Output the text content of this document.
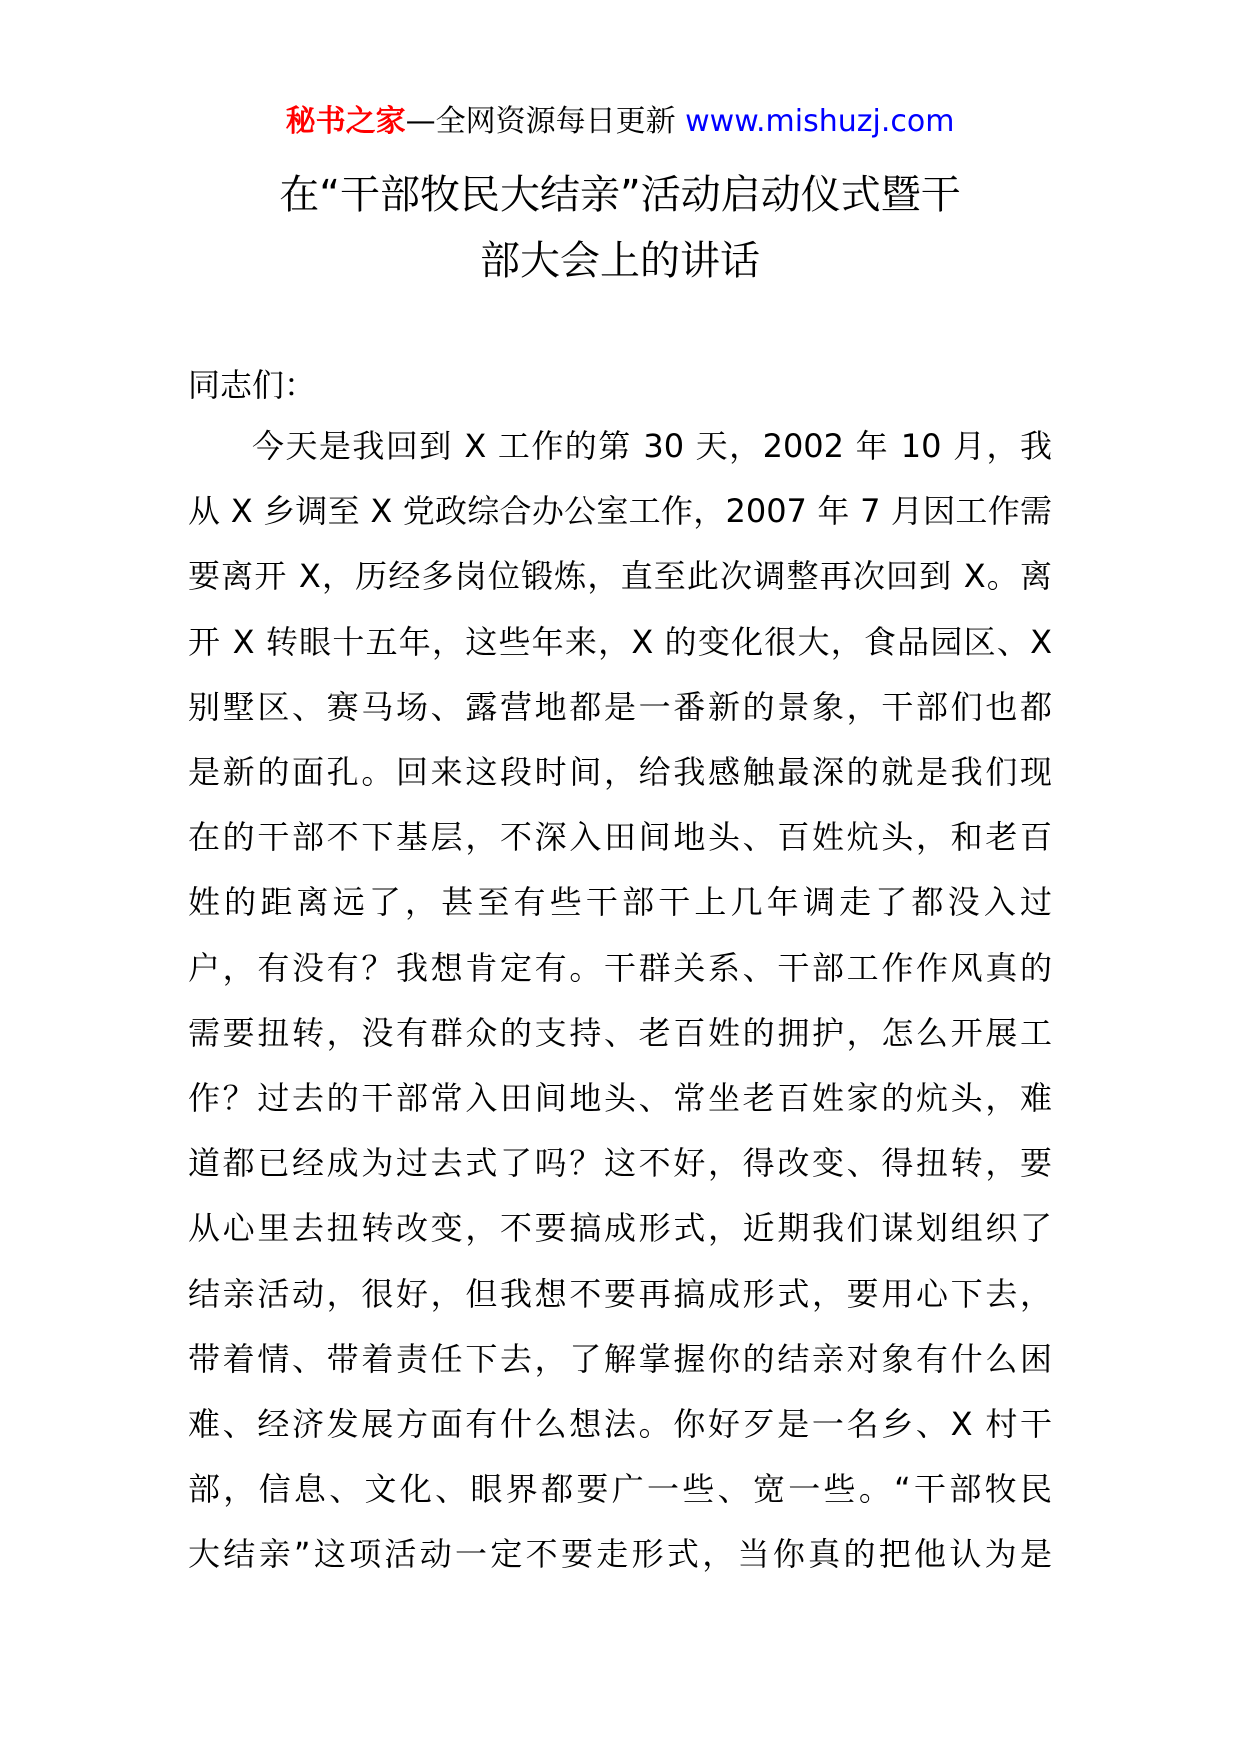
秘书之家—全网资源每日更新 www.mishuzj.com
在“干部牧民大结亲”活动启动仪式暨干
部大会上的讲话

同志们：

今天是我回到 X 工作的第 30 天，2002 年 10 月，我

从 X 乡调至 X 党政综合办公室工作，2007 年 7 月因工作需

要离开 X，历经多岗位锻炼，直至此次调整再次回到 X。离

开 X 转眼十五年，这些年来，X 的变化很大，食品园区、X

别墅区、赛马场、露营地都是一番新的景象，干部们也都

是新的面孔。回来这段时间，给我感触最深的就是我们现

在的干部不下基层，不深入田间地头、百姓炕头，和老百

姓的距离远了，甚至有些干部干上几年调走了都没入过

户，有没有？我想肯定有。干群关系、干部工作作风真的

需要扭转，没有群众的支持、老百姓的拥护，怎么开展工

作？过去的干部常入田间地头、常坐老百姓家的炕头，难

道都已经成为过去式了吗？这不好，得改变、得扭转，要

从心里去扭转改变，不要搞成形式，近期我们谋划组织了

结亲活动，很好，但我想不要再搞成形式，要用心下去，

带着情、带着责任下去，了解掌握你的结亲对象有什么困

难、经济发展方面有什么想法。你好歹是一名乡、X 村干

部，信息、文化、眼界都要广一些、宽一些。“干部牧民

大结亲”这项活动一定不要走形式，当你真的把他认为是
